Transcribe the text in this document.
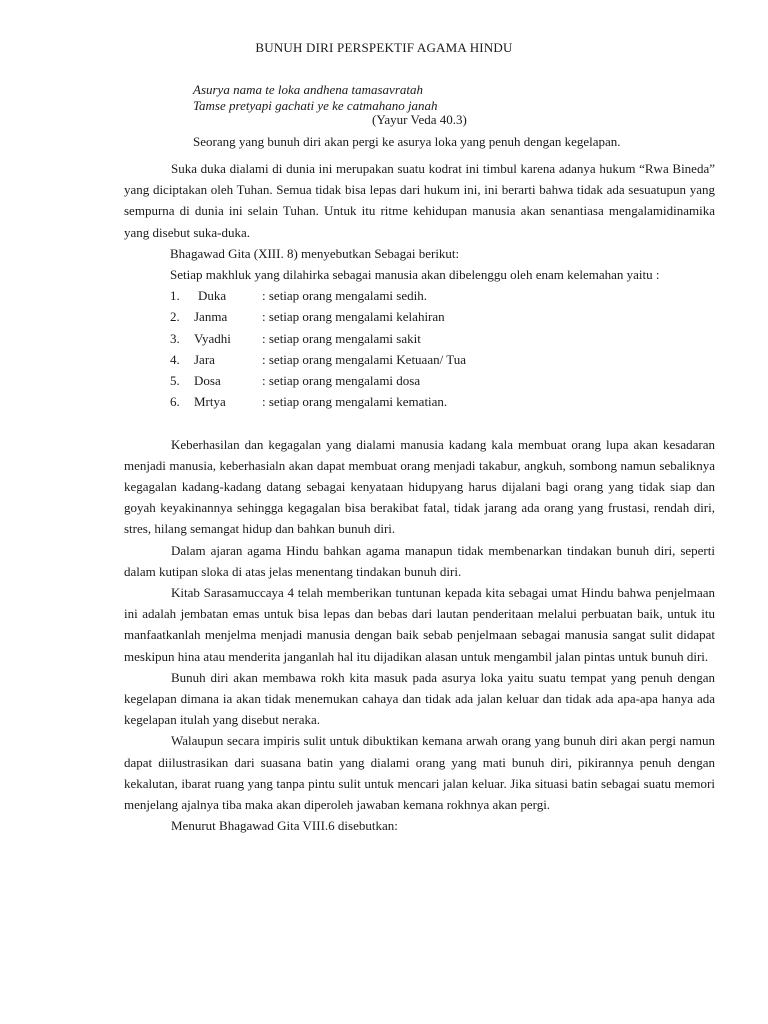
BUNUH DIRI PERSPEKTIF AGAMA HINDU
Asurya nama te loka andhena tamasavratah
Tamse pretyapi gachati ye ke catmahano janah
(Yayur Veda 40.3)
Seorang yang bunuh diri akan pergi ke asurya loka yang penuh dengan kegelapan.

Suka duka dialami di dunia ini merupakan suatu kodrat ini timbul karena adanya hukum “Rwa Bineda” yang diciptakan oleh Tuhan. Semua tidak bisa lepas dari hukum ini, ini berarti bahwa tidak ada sesuatupun yang sempurna di dunia ini selain Tuhan. Untuk itu ritme kehidupan manusia akan senantiasa mengalamidinamika yang disebut suka-duka.

Bhagawad Gita (XIII. 8) menyebutkan Sebagai berikut:

Setiap makhluk yang dilahirka sebagai manusia akan dibelenggu oleh enam kelemahan yaitu :

1.	Duka	: setiap orang mengalami sedih.
2.	Janma	: setiap orang mengalami kelahiran
3.	Vyadhi	: setiap orang mengalami sakit
4.	Jara	: setiap orang mengalami Ketuaan/ Tua
5.	Dosa	: setiap orang mengalami dosa
6.	Mrtya	: setiap orang mengalami kematian.

Keberhasilan dan kegagalan yang dialami manusia kadang kala membuat orang lupa akan kesadaran menjadi manusia, keberhasialn akan dapat membuat orang menjadi takabur, angkuh, sombong namun sebaliknya kegagalan kadang-kadang datang sebagai kenyataan hidupyang harus dijalani bagi orang yang tidak siap dan goyah keyakinannya sehingga kegagalan bisa berakibat fatal, tidak jarang ada orang yang frustasi, rendah diri, stres, hilang semangat hidup dan bahkan bunuh diri.

Dalam ajaran agama Hindu bahkan agama manapun tidak membenarkan tindakan bunuh diri, seperti dalam kutipan sloka di atas jelas menentang tindakan bunuh diri.

Kitab Sarasamuccaya 4 telah memberikan tuntunan kepada kita sebagai umat Hindu bahwa penjelmaan ini adalah jembatan emas untuk bisa lepas dan bebas dari lautan penderitaan melalui perbuatan baik, untuk itu manfaatkanlah menjelma menjadi manusia dengan baik sebab penjelmaan sebagai manusia sangat sulit didapat meskipun hina atau menderita janganlah hal itu dijadikan alasan untuk mengambil jalan pintas untuk bunuh diri.

Bunuh diri akan membawa rokh kita masuk pada asurya loka yaitu suatu tempat yang penuh dengan kegelapan dimana ia akan tidak menemukan cahaya dan tidak ada jalan keluar dan tidak ada apa-apa hanya ada kegelapan itulah yang disebut neraka.

Walaupun secara impiris sulit untuk dibuktikan kemana arwah orang yang bunuh diri akan pergi namun dapat diilustrasikan dari suasana batin yang dialami orang yang mati bunuh diri, pikirannya penuh dengan kekalutan, ibarat ruang yang tanpa pintu sulit untuk mencari jalan keluar. Jika situasi batin sebagai suatu memori menjelang ajalnya tiba maka akan diperoleh jawaban kemana rokhnya akan pergi.

Menurut Bhagawad Gita VIII.6 disebutkan:
